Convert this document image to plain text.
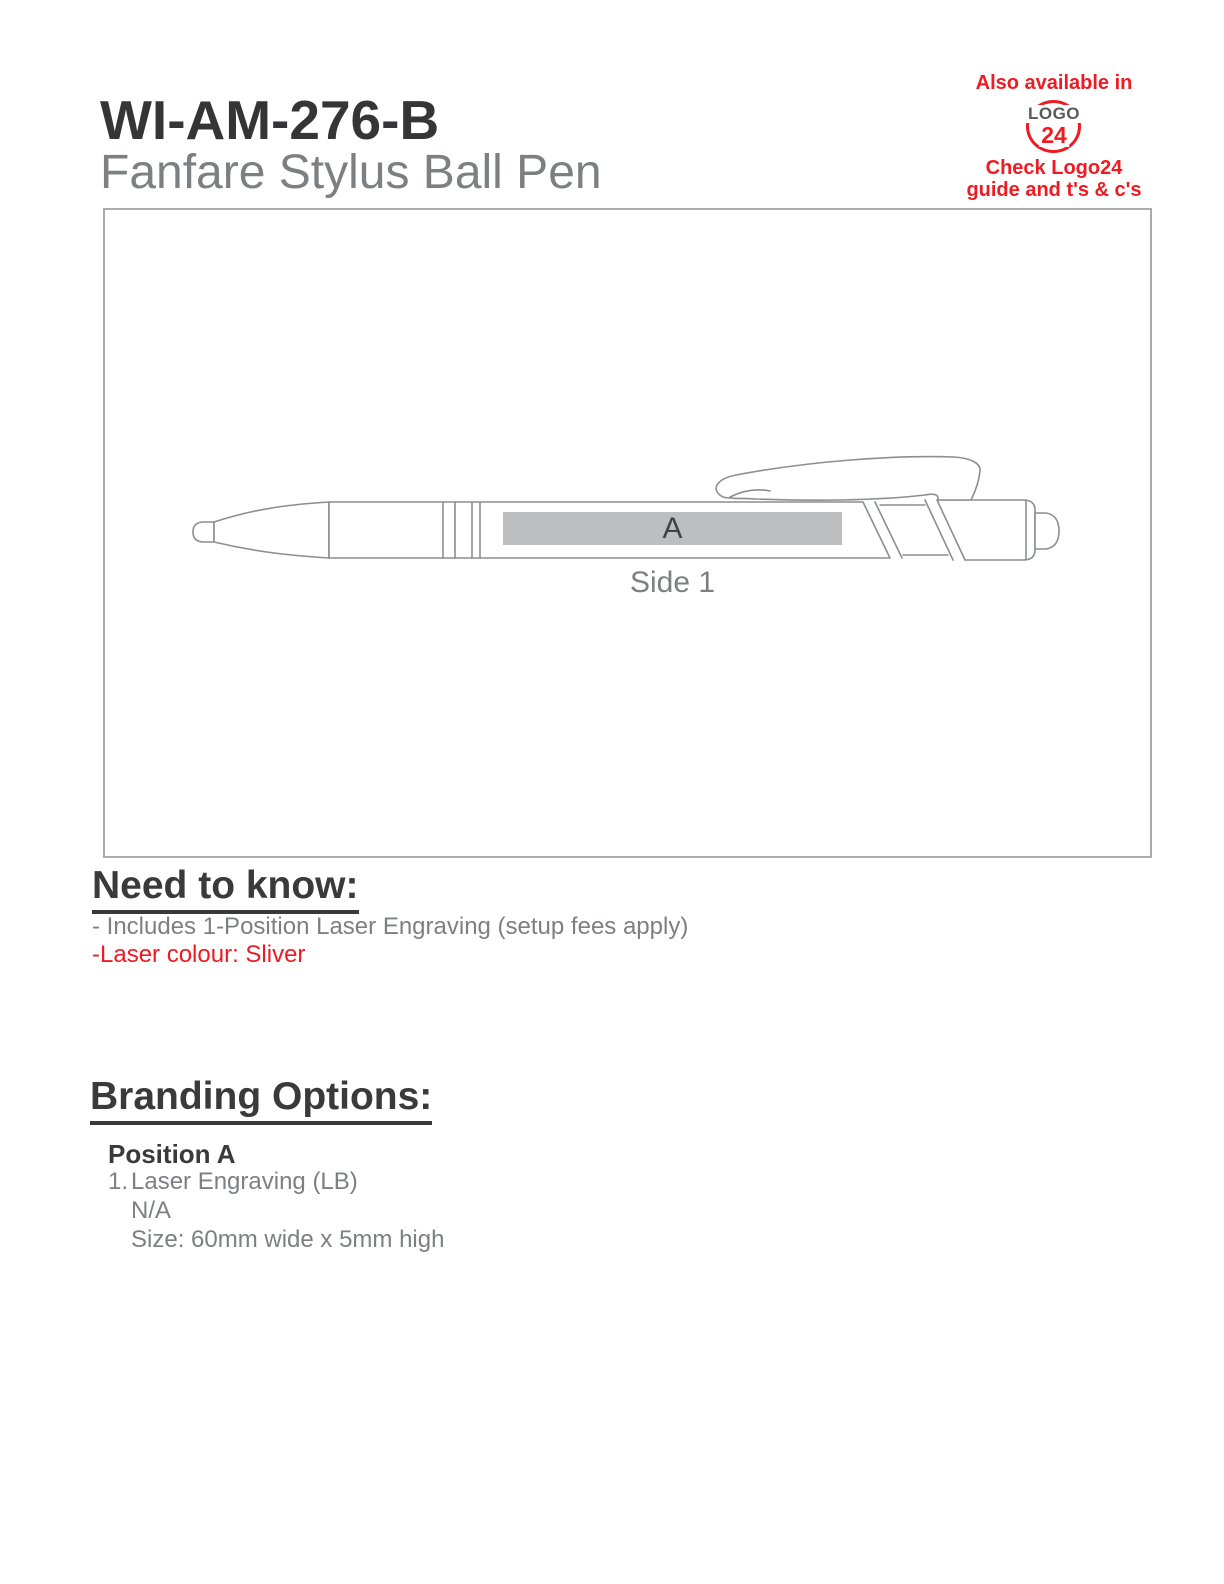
WI-AM-276-B
Fanfare Stylus Ball Pen
Also available in
LOGO
24
Check Logo24
guide and t's & c's
A
Side 1
Need to know:
- Includes 1-Position Laser Engraving (setup fees apply)
-Laser colour: Sliver
Branding Options:
Position A
1. Laser Engraving (LB)
N/A
Size: 60mm wide x 5mm high
